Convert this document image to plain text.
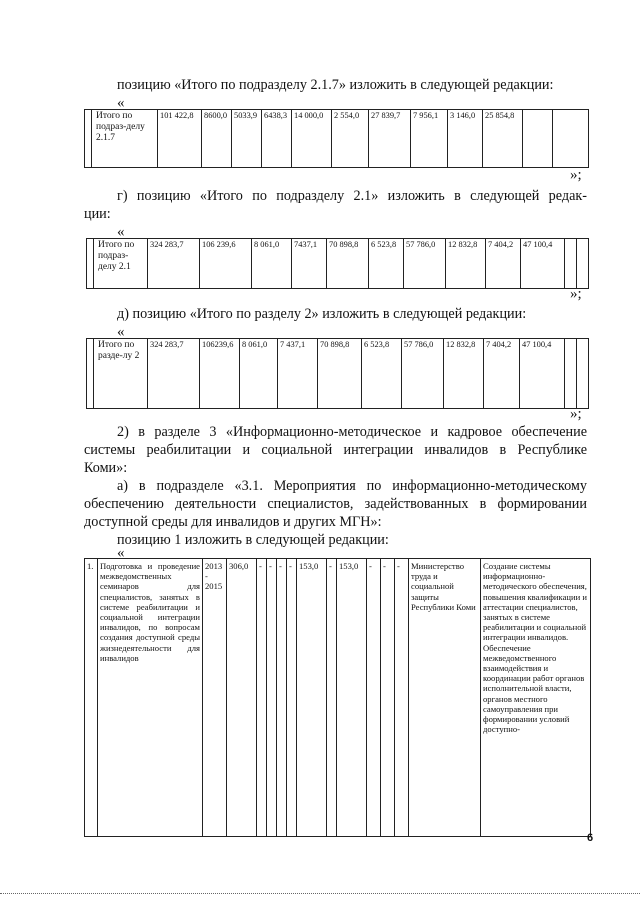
позицию «Итого по подразделу 2.1.7» изложить в следующей редакции:
«
	Итого по подраз-делу 2.1.7	101 422,8	8600,0	5033,9	6438,3	14 000,0	2 554,0	27 839,7	7 956,1	3 146,0	25 854,8		
»;
г) позицию «Итого по подразделу 2.1» изложить в следующей редак-
ции:
«
	Итого по подраз-делу 2.1	324 283,7	106 239,6	8 061,0	7437,1	70 898,8	6 523,8	57 786,0	12 832,8	7 404,2	47 100,4		
»;
д) позицию «Итого по разделу 2» изложить в следующей редакции:
«
	Итого по разде-лу 2	324 283,7	106239,6	8 061,0	7 437,1	70 898,8	6 523,8	57 786,0	12 832,8	7 404,2	47 100,4		
»;
2) в разделе 3 «Информационно-методическое и кадровое обеспечение
системы реабилитации и социальной интеграции инвалидов в Республике
Коми»:
а) в подразделе «3.1. Мероприятия по информационно-методическому
обеспечению деятельности специалистов, задействованных в формировании
доступной среды для инвалидов и других МГН»:
позицию 1 изложить в следующей редакции:
«
1.	Подготовка и проведение межведомственных семинаров для специалистов, занятых в системе реабилитации и социальной интеграции инвалидов, по вопросам создания доступной среды жизнедеятельности для инвалидов	2013 - 2015	306,0	-	-	-	-	153,0	-	153,0	-	-	-	Министерство труда и социальной защиты Республики Коми	Создание системы информационно-методического обеспечения, повышения квалификации и аттестации специалистов, занятых в системе реабилитации и социальной интеграции инвалидов. Обеспечение межведомственного взаимодействия и координации работ органов исполнительной власти, органов местного самоуправления при формировании условий доступно-
6
